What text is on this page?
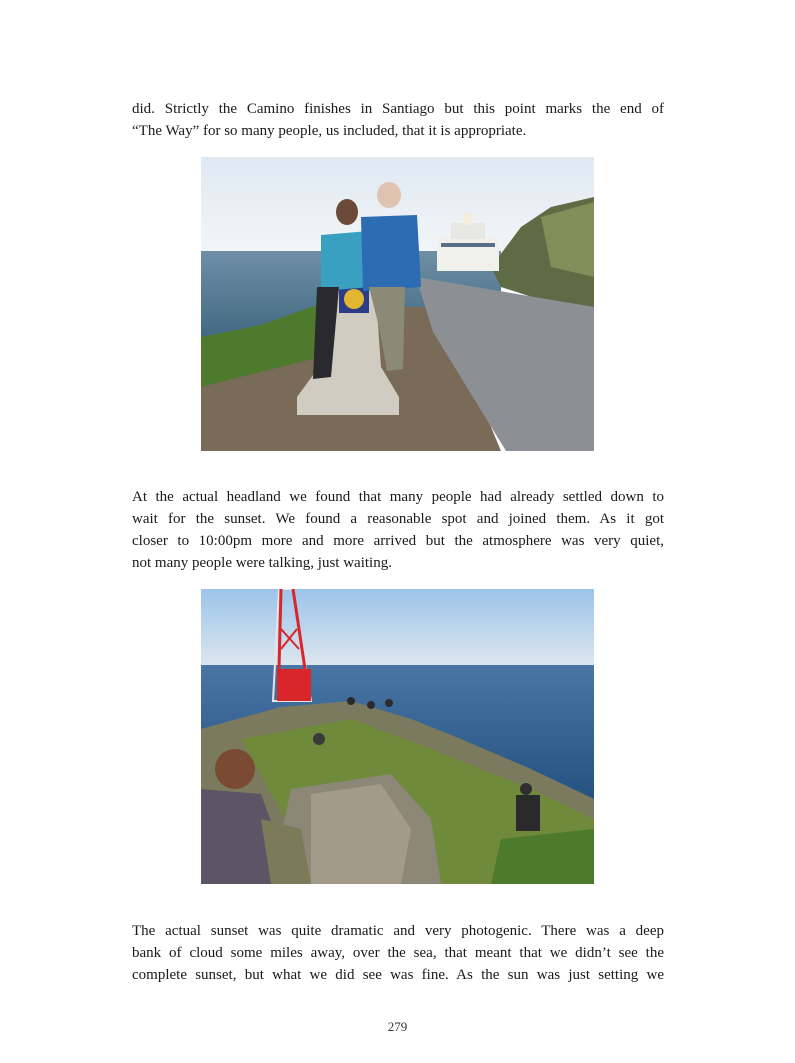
did. Strictly the Camino finishes in Santiago but this point marks the end of
“The Way” for so many people, us included, that it is appropriate.
At the actual headland we found that many people had already settled down to
wait for the sunset. We found a reasonable spot and joined them. As it got
closer to 10:00pm more and more arrived but the atmosphere was very quiet,
not many people were talking, just waiting.
The actual sunset was quite dramatic and very photogenic. There was a deep
bank of cloud some miles away, over the sea, that meant that we didn’t see the
complete sunset, but what we did see was fine. As the sun was just setting we
279
